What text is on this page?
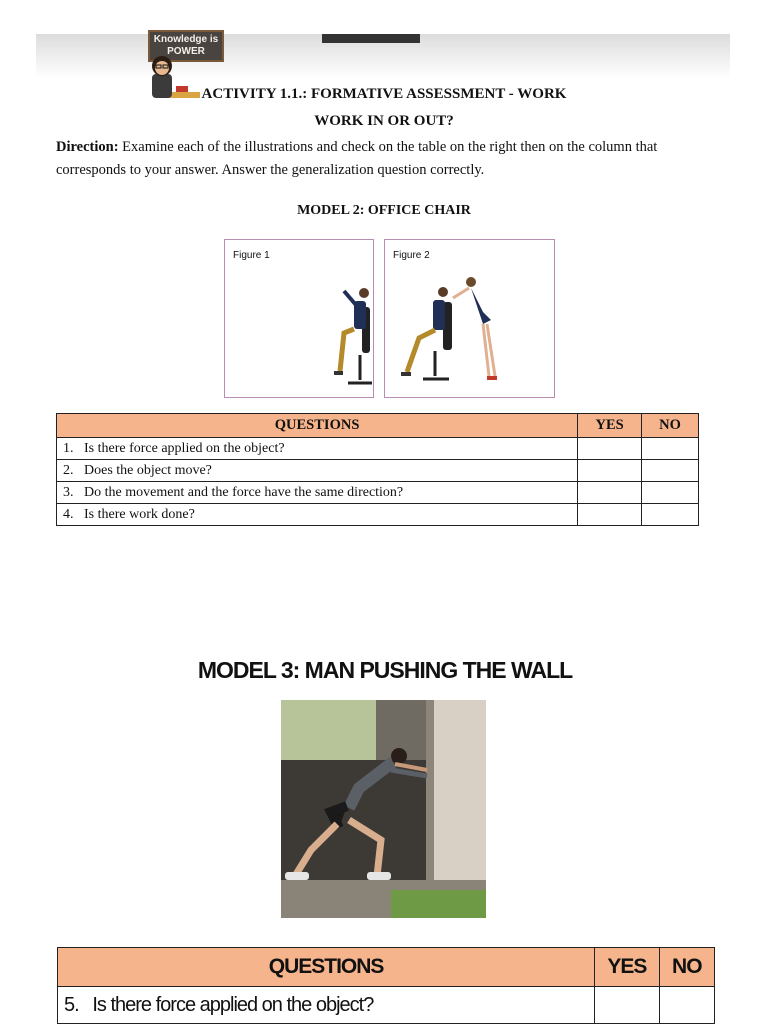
Knowledge is
POWER
ACTIVITY 1.1.: FORMATIVE ASSESSMENT - WORK
WORK IN OR OUT?
Direction: Examine each of the illustrations and check on the table on the right then on the column that corresponds to your answer. Answer the generalization question correctly.
MODEL 2: OFFICE CHAIR
Figure 1	Figure 2
QUESTIONS	YES	NO
1.   Is there force applied on the object?		
2.   Does the object move?		
3.   Do the movement and the force have the same direction?		
4.   Is there work done?		
MODEL 3: MAN PUSHING THE WALL
QUESTIONS	YES	NO
5.   Is there force applied on the object?		
